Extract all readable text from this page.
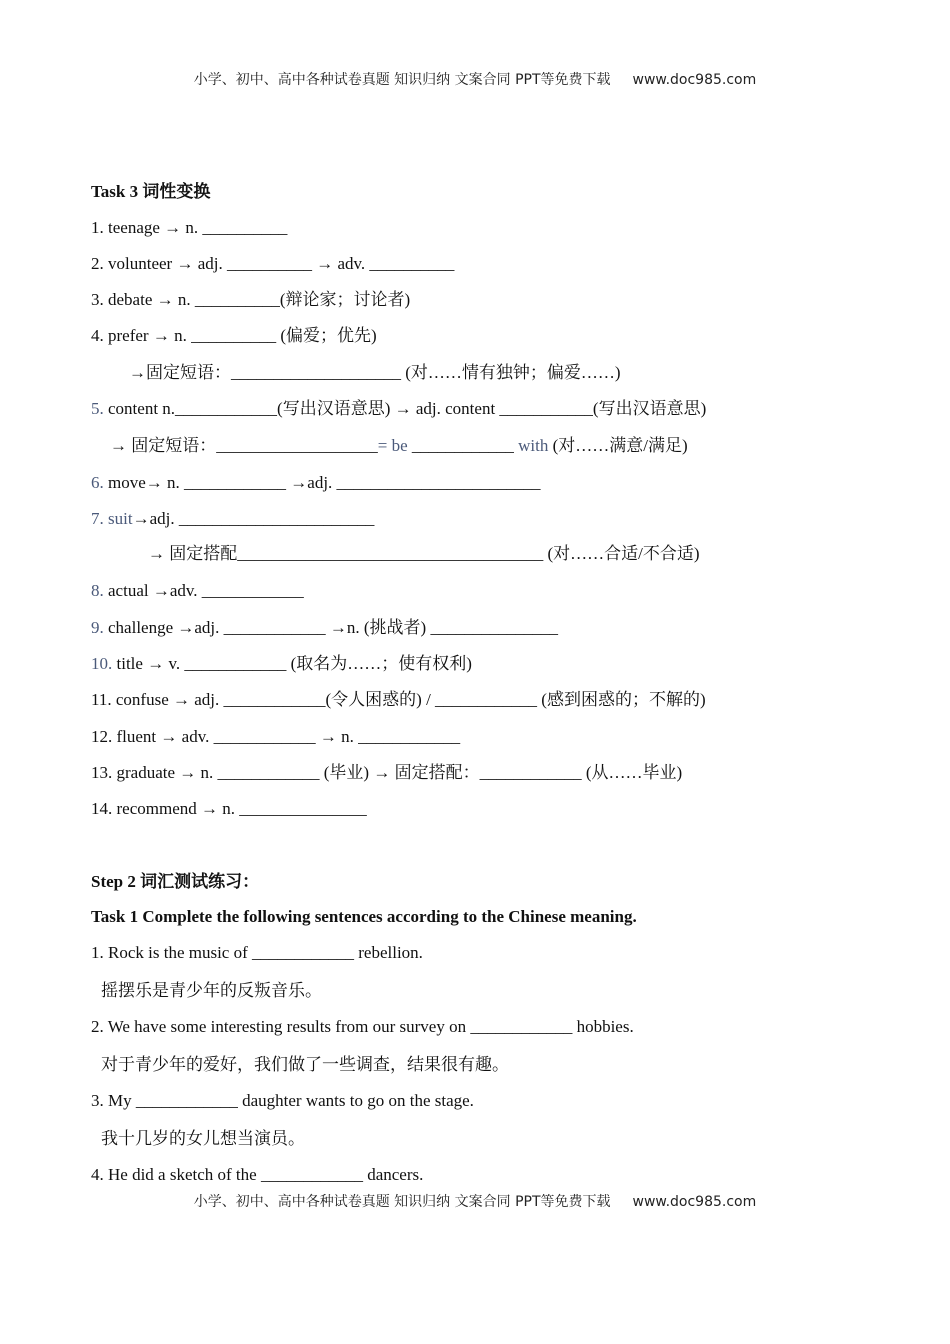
小学、初中、高中各种试卷真题 知识归纳 文案合同 PPT等免费下载 www.doc985.com
Task 3 词性变换
1. teenage → n. __________
2. volunteer → adj. __________ → adv. __________
3. debate → n. __________(辩论家；讨论者)
4. prefer → n. __________ (偏爱；优先)
→固定短语：____________________ (对……情有独钟；偏爱……)
5. content n.____________(写出汉语意思) → adj. content ___________(写出汉语意思)
→ 固定短语：___________________= be ____________ with (对……满意/满足)
6. move→ n. ____________ →adj. ________________________
7. suit→adj. _______________________
→ 固定搭配____________________________________ (对……合适/不合适)
8. actual →adv. ____________
9. challenge →adj. ____________ →n. (挑战者) _______________
10. title → v. ____________ (取名为……；使有权利)
11. confuse → adj. ____________(令人困惑的) / ____________ (感到困惑的；不解的)
12. fluent → adv. ____________ → n. ____________
13. graduate → n. ____________ (毕业) → 固定搭配：____________ (从……毕业)
14. recommend → n. _______________
Step 2 词汇测试练习：
Task 1 Complete the following sentences according to the Chinese meaning.
1. Rock is the music of ____________ rebellion.
摇摆乐是青少年的反叛音乐。
2. We have some interesting results from our survey on ____________ hobbies.
对于青少年的爱好，我们做了一些调查，结果很有趣。
3. My ____________ daughter wants to go on the stage.
我十几岁的女儿想当演员。
4. He did a sketch of the ____________ dancers.
小学、初中、高中各种试卷真题 知识归纳 文案合同 PPT等免费下载 www.doc985.com
